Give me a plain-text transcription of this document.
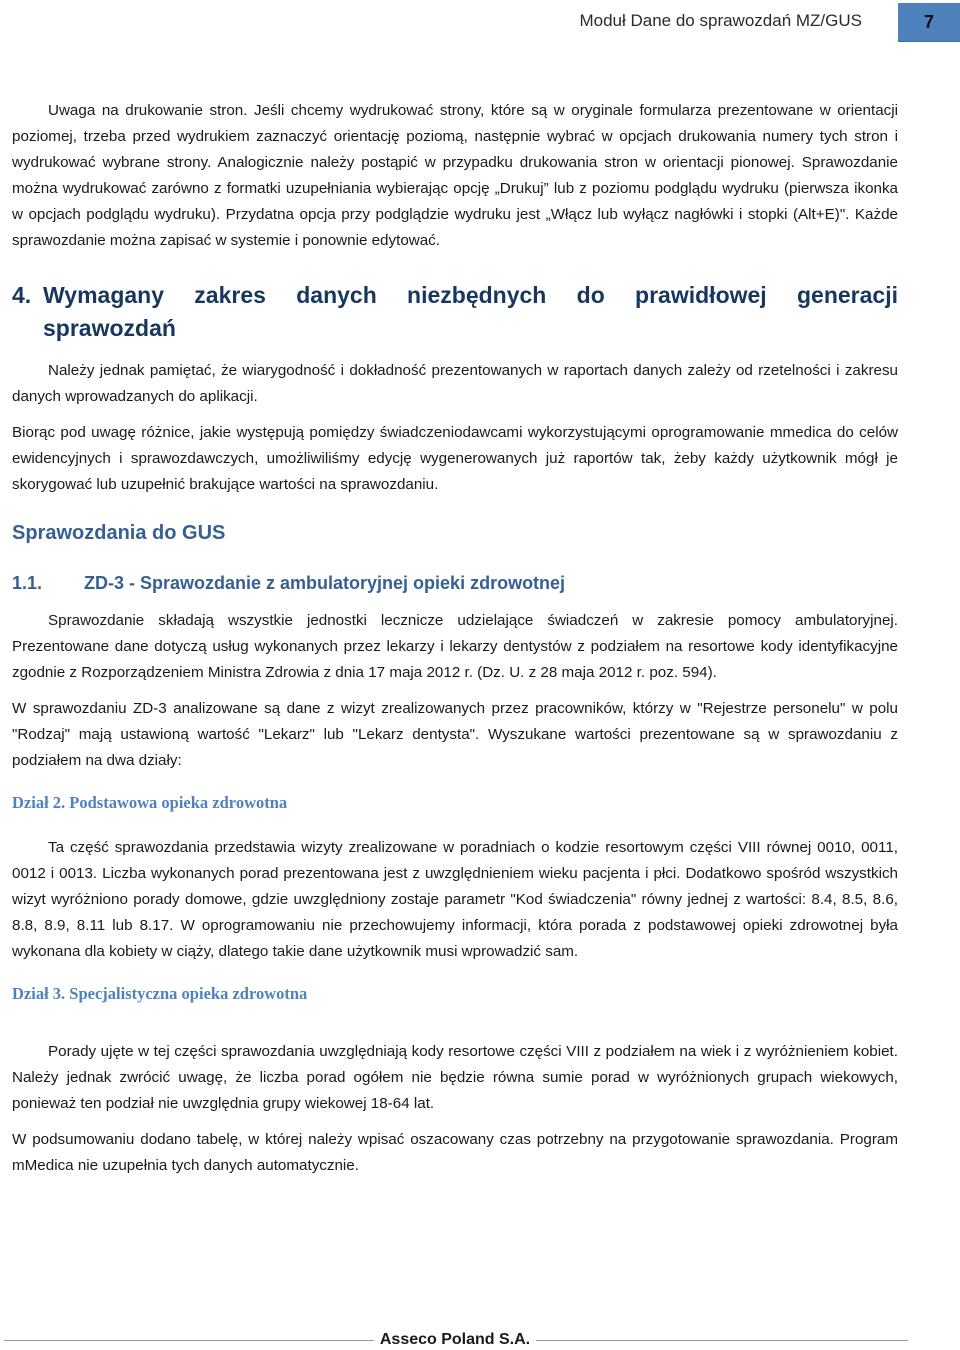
Moduł Dane do sprawozdań MZ/GUS	7

Uwaga na drukowanie stron. Jeśli chcemy wydrukować strony, które są w oryginale formularza prezentowane w orientacji poziomej, trzeba przed wydrukiem zaznaczyć orientację poziomą, następnie wybrać w opcjach drukowania numery tych stron i wydrukować wybrane strony. Analogicznie należy postąpić w przypadku drukowania stron w orientacji pionowej. Sprawozdanie można wydrukować zarówno z formatki uzupełniania wybierając opcję „Drukuj” lub z poziomu podglądu wydruku (pierwsza ikonka w opcjach podglądu wydruku). Przydatna opcja przy podglądzie wydruku jest „Włącz lub wyłącz nagłówki i stopki (Alt+E)". Każde sprawozdanie można zapisać w systemie i ponownie edytować.

4. Wymagany zakres danych niezbędnych do prawidłowej generacji
sprawozdań

Należy jednak pamiętać, że wiarygodność i dokładność prezentowanych w raportach danych zależy od rzetelności i zakresu danych wprowadzanych do aplikacji.

Biorąc pod uwagę różnice, jakie występują pomiędzy świadczeniodawcami wykorzystującymi oprogramowanie mmedica do celów ewidencyjnych i sprawozdawczych, umożliwiliśmy edycję wygenerowanych już raportów tak, żeby każdy użytkownik mógł je skorygować lub uzupełnić brakujące wartości na sprawozdaniu.

Sprawozdania do GUS
1.1.	ZD-3 - Sprawozdanie z ambulatoryjnej opieki zdrowotnej

Sprawozdanie składają wszystkie jednostki lecznicze udzielające świadczeń w zakresie pomocy ambulatoryjnej. Prezentowane dane dotyczą usług wykonanych przez lekarzy i lekarzy dentystów z podziałem na resortowe kody identyfikacyjne zgodnie z Rozporządzeniem Ministra Zdrowia z dnia 17 maja 2012 r. (Dz. U. z 28 maja 2012 r. poz. 594).

W sprawozdaniu ZD-3 analizowane są dane z wizyt zrealizowanych przez pracowników, którzy w "Rejestrze personelu" w polu "Rodzaj" mają ustawioną wartość "Lekarz" lub "Lekarz dentysta". Wyszukane wartości prezentowane są w sprawozdaniu z podziałem na dwa działy:

Dział 2. Podstawowa opieka zdrowotna

Ta część sprawozdania przedstawia wizyty zrealizowane w poradniach o kodzie resortowym części VIII równej 0010, 0011, 0012 i 0013. Liczba wykonanych porad prezentowana jest z uwzględnieniem wieku pacjenta i płci. Dodatkowo spośród wszystkich wizyt wyróżniono porady domowe, gdzie uwzględniony zostaje parametr "Kod świadczenia" równy jednej z wartości: 8.4, 8.5, 8.6, 8.8, 8.9, 8.11 lub 8.17. W oprogramowaniu nie przechowujemy informacji, która porada z podstawowej opieki zdrowotnej była wykonana dla kobiety w ciąży, dlatego takie dane użytkownik musi wprowadzić sam.

Dział 3. Specjalistyczna opieka zdrowotna

Porady ujęte w tej części sprawozdania uwzględniają kody resortowe części VIII z podziałem na wiek i z wyróżnieniem kobiet. Należy jednak zwrócić uwagę, że liczba porad ogółem nie będzie równa sumie porad w wyróżnionych grupach wiekowych, ponieważ ten podział nie uwzględnia grupy wiekowej 18-64 lat.

W podsumowaniu dodano tabelę, w której należy wpisać oszacowany czas potrzebny na przygotowanie sprawozdania. Program mMedica nie uzupełnia tych danych automatycznie.

Asseco Poland S.A.
